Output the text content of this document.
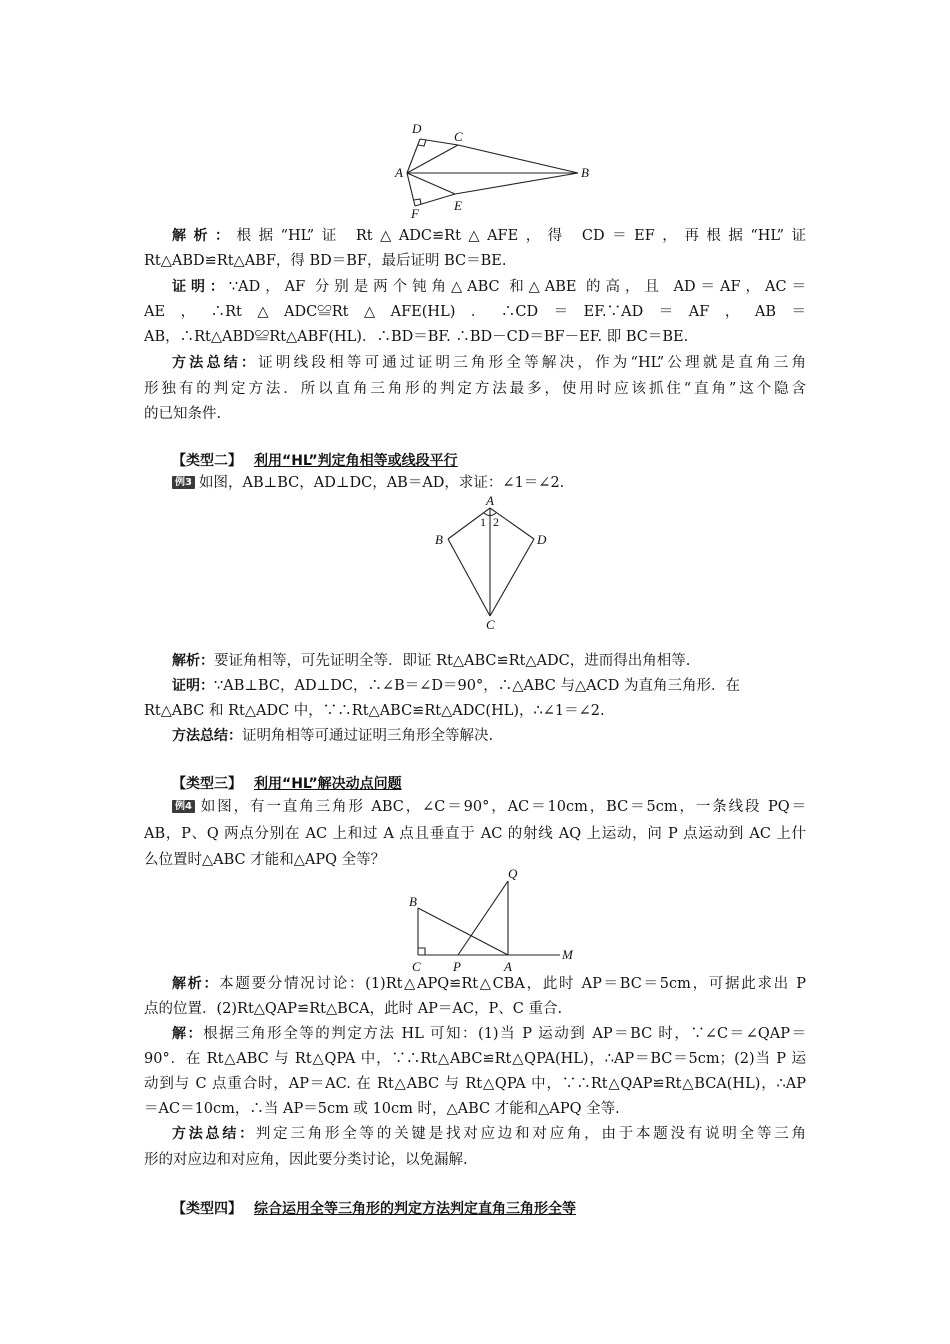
D
C
A	B
F
E
解析：根据“HL”证 Rt△ADC≌Rt△AFE，得 CD＝EF，再根据“HL”证
Rt△ABD≌Rt△ABF，得 BD＝BF，最后证明 BC＝BE.
证明：∵AD，AF 分别是两个钝角△ABC 和△ABE 的高，且 AD＝AF，AC＝
AE，∴Rt△ADC≌Rt△AFE(HL)．∴CD＝EF.∵AD＝AF，AB＝
AB，∴Rt△ABD≌Rt△ABF(HL)．∴BD＝BF. ∴BD－CD＝BF－EF. 即 BC＝BE.
方法总结：证明线段相等可通过证明三角形全等解决，作为“HL”公理就是直角三角
形独有的判定方法．所以直角三角形的判定方法最多，使用时应该抓住“直角”这个隐含
的已知条件.
【类型二】 利用“HL”判定角相等或线段平行
例3 如图，AB⊥BC，AD⊥DC，AB＝AD，求证：∠1＝∠2.
A
B
C
D
1 2
解析：要证角相等，可先证明全等．即证 Rt△ABC≌Rt△ADC，进而得出角相等.
证明：∵AB⊥BC，AD⊥DC，∴∠B＝∠D＝90°，∴△ABC 与△ACD 为直角三角形．在
Rt△ABC 和 Rt△ADC 中，∵∴Rt△ABC≌Rt△ADC(HL)，∴∠1＝∠2.
方法总结：证明角相等可通过证明三角形全等解决.
【类型三】 利用“HL”解决动点问题
例4 如图，有一直角三角形 ABC，∠C＝90°，AC＝10cm，BC＝5cm，一条线段 PQ＝
AB，P、Q 两点分别在 AC 上和过 A 点且垂直于 AC 的射线 AQ 上运动，问 P 点运动到 AC 上什
么位置时△ABC 才能和△APQ 全等？
Q
B
C P	A
M
解析：本题要分情况讨论：(1)Rt△APQ≌Rt△CBA，此时 AP＝BC＝5cm，可据此求出 P
点的位置．(2)Rt△QAP≌Rt△BCA，此时 AP＝AC，P、C 重合.
解：根据三角形全等的判定方法 HL 可知：(1)当 P 运动到 AP＝BC 时，∵∠C＝∠QAP＝
90°．在 Rt△ABC 与 Rt△QPA 中，∵∴Rt△ABC≌Rt△QPA(HL)，∴AP＝BC＝5cm；(2)当 P 运
动到与 C 点重合时，AP＝AC. 在 Rt△ABC 与 Rt△QPA 中，∵∴Rt△QAP≌Rt△BCA(HL)，∴AP
＝AC＝10cm，∴当 AP＝5cm 或 10cm 时，△ABC 才能和△APQ 全等.
方法总结：判定三角形全等的关键是找对应边和对应角，由于本题没有说明全等三角
形的对应边和对应角，因此要分类讨论，以免漏解.
【类型四】 综合运用全等三角形的判定方法判定直角三角形全等
